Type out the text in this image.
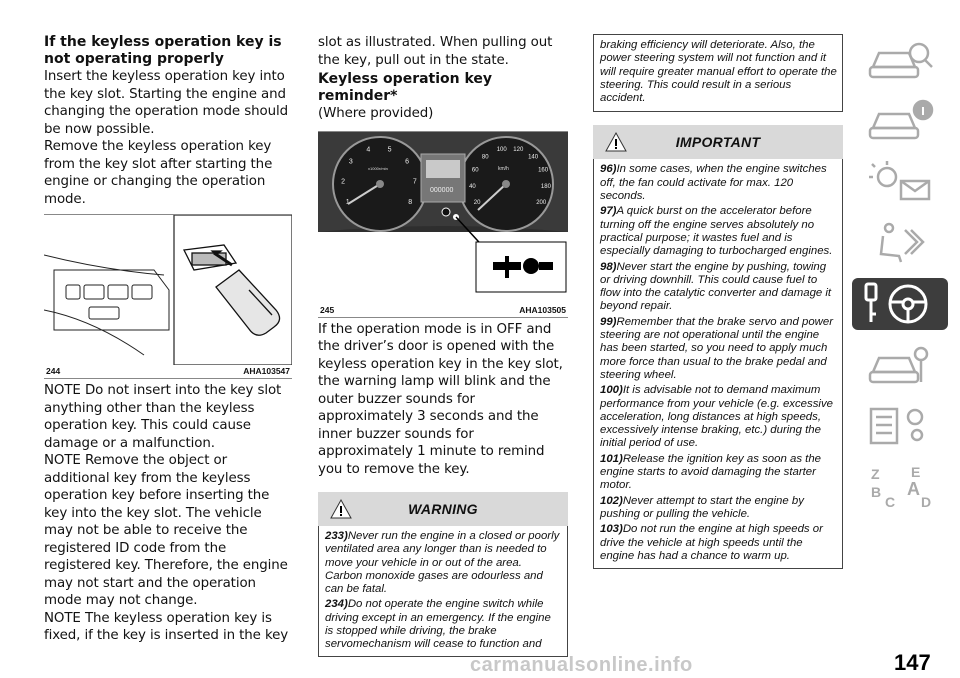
If the keyless operation key is not operating properly

Insert the keyless operation key into the key slot. Starting the engine and changing the operation mode should be now possible.

Remove the keyless operation key from the key slot after starting the engine or changing the operation mode.

244	AHA103547

NOTE Do not insert into the key slot anything other than the keyless operation key. This could cause damage or a malfunction.

NOTE Remove the object or additional key from the keyless operation key before inserting the key into the key slot. The vehicle may not be able to receive the registered ID code from the registered key. Therefore, the engine may not start and the operation mode may not change.

NOTE The keyless operation key is fixed, if the key is inserted in the key

slot as illustrated. When pulling out the key, pull out in the state.

Keyless operation key reminder*

(Where provided)

000000
1
2
3
4 5
6
7
8	20
40
60
80
100 120
140
160
180
200
x1000r/min	km/h
245	AHA103505

If the operation mode is in OFF and the driver’s door is opened with the keyless operation key in the key slot, the warning lamp will blink and the outer buzzer sounds for approximately 3 seconds and the inner buzzer sounds for approximately 1 minute to remind you to remove the key.

WARNING

233)Never run the engine in a closed or poorly ventilated area any longer than is needed to move your vehicle in or out of the area. Carbon monoxide gases are odourless and can be fatal.

234)Do not operate the engine switch while driving except in an emergency. If the engine is stopped while driving, the brake servomechanism will cease to function and

braking efficiency will deteriorate. Also, the power steering system will not function and it will require greater manual effort to operate the steering. This could result in a serious accident.

IMPORTANT

96)In some cases, when the engine switches off, the fan could activate for max. 120 seconds.

97)A quick burst on the accelerator before turning off the engine serves absolutely no practical purpose; it wastes fuel and is especially damaging to turbocharged engines.

98)Never start the engine by pushing, towing or driving downhill. This could cause fuel to flow into the catalytic converter and damage it beyond repair.

99)Remember that the brake servo and power steering are not operational until the engine has been started, so you need to apply much more force than usual to the brake pedal and steering wheel.

100)It is advisable not to demand maximum performance from your vehicle (e.g. excessive acceleration, long distances at high speeds, excessively intense braking, etc.) during the initial period of use.

101)Release the ignition key as soon as the engine starts to avoid damaging the starter motor.

102)Never attempt to start the engine by pushing or pulling the vehicle.

103)Do not run the engine at high speeds or drive the vehicle at high speeds until the engine has had a chance to warm up.

Z E
B A
C D
carmanualsonline.info	147
